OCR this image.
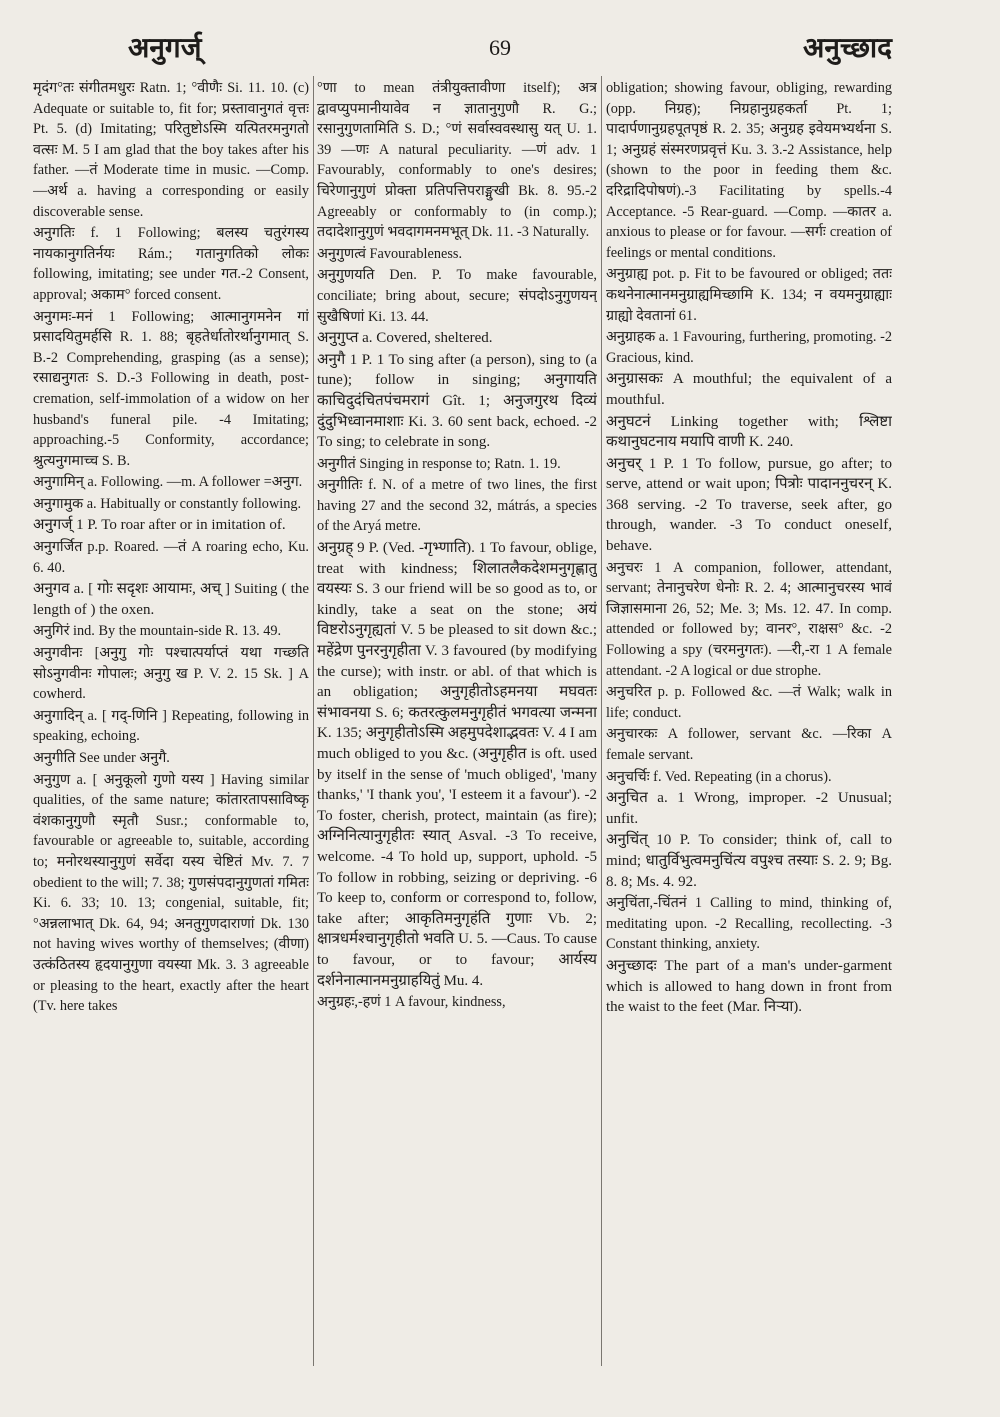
अनुगर्ज्	69	अनुच्छाद

मृदंग°तः संगीतमधुरः Ratn. 1; °वीणैः Si. 11. 10. (c) Adequate or suitable to, fit for; प्रस्तावानुगतं वृत्तः Pt. 5. (d) Imitating; परितुष्टोऽस्मि यत्पितरमनुगतो वत्सः M. 5 I am glad that the boy takes after his father. —तं Moderate time in music. —Comp. —अर्थ a. having a corresponding or easily discoverable sense.

अनुगतिः f. 1 Following; बलस्य चतुरंगस्य नायकानुगतिर्नयः Rám.; गतानुगतिको लोकः following, imitating; see under गत.-2 Consent, approval; अकाम° forced consent.

अनुगमः-मनं 1 Following; आत्मानुगमनेन गां प्रसादयितुमर्हसि R. 1. 88; बृहतेर्धातोरर्थानुगमात् S. B.-2 Comprehending, grasping (as a sense); रसाद्यनुगतः S. D.-3 Following in death, post-cremation, self-immolation of a widow on her husband's funeral pile. -4 Imitating; approaching.-5 Conformity, accordance; श्रुत्यनुगमाच्च S. B.

अनुगामिन् a. Following. —m. A follower =अनुग.

अनुगामुक a. Habitually or constantly following.

अनुगर्ज् 1 P. To roar after or in imitation of.

अनुगर्जित p.p. Roared. —तं A roaring echo, Ku. 6. 40.

अनुगव a. [ गोः सदृशः आयामः, अच् ] Suiting ( the length of ) the oxen.

अनुगिरं ind. By the mountain-side R. 13. 49.

अनुगवीनः [अनुगु गोः पश्चात्पर्याप्तं यथा गच्छति सोऽनुगवीनः गोपालः; अनुगु ख P. V. 2. 15 Sk. ] A cowherd.

अनुगादिन् a. [ गद्-णिनि ] Repeating, following in speaking, echoing.

अनुगीति See under अनुगै.

अनुगुण a. [ अनुकूलो गुणो यस्य ] Having similar qualities, of the same nature; कांतारतापसाविष्कृ वंशकानुगुणौ स्मृतौ Susr.; conformable to, favourable or agreeable to, suitable, according to; मनोरथस्यानुगुणं सर्वेदा यस्य चेष्टितं Mv. 7. 7 obedient to the will; 7. 38; गुणसंपदानुगुणतां गमितः Ki. 6. 33; 10. 13; congenial, suitable, fit; °अन्नलाभात् Dk. 64, 94; अनतुगुणदाराणां Dk. 130 not having wives worthy of themselves; (वीणा) उत्कंठितस्य हृदयानुगुणा वयस्या Mk. 3. 3 agreeable or pleasing to the heart, exactly after the heart (Tv. here takes

°णा to mean तंत्रीयुक्तावीणा itself); अत्र द्वावप्युपमानीयावेव न ज्ञातानुगुणौ R. G.; रसानुगुणतामिति S. D.; °णं सर्वास्ववस्थासु यत् U. 1. 39 —णः A natural peculiarity. —णं adv. 1 Favourably, conformably to one's desires; चिरेणानुगुणं प्रोक्ता प्रतिपत्तिपराङ्मुखी Bk. 8. 95.-2 Agreeably or conformably to (in comp.); तदादेशानुगुणं भवदागमनमभूत् Dk. 11. -3 Naturally.

अनुगुणत्वं Favourableness.

अनुगुणयति Den. P. To make favourable, conciliate; bring about, secure; संपदोऽनुगुणयन् सुखैषिणां Ki. 13. 44.

अनुगुप्त a. Covered, sheltered.

अनुगै 1 P. 1 To sing after (a person), sing to (a tune); follow in singing; अनुगायति काचिदुदंचितपंचमरागं Gît. 1; अनुजगुरथ दिव्यं दुंदुभिध्वानमाशाः Ki. 3. 60 sent back, echoed. -2 To sing; to celebrate in song.

अनुगीतं Singing in response to; Ratn. 1. 19.

अनुगीतिः f. N. of a metre of two lines, the first having 27 and the second 32, mátrás, a species of the Aryá metre.

अनुग्रह् 9 P. (Ved. -गृभ्णाति). 1 To favour, oblige, treat with kindness; शिलातलैकदेशमनुगृह्णातु वयस्यः S. 3 our friend will be so good as to, or kindly, take a seat on the stone; अयं विष्टरोऽनुगृह्यतां V. 5 be pleased to sit down &c.; महेंद्रेण पुनरनुगृहीता V. 3 favoured (by modifying the curse); with instr. or abl. of that which is an obligation; अनुगृहीतोऽहमनया मघवतः संभावनया S. 6; कतरत्कुलमनुगृहीतं भगवत्या जन्मना K. 135; अनुगृहीतोऽस्मि अहमुपदेशाद्भवतः V. 4 I am much obliged to you &c. (अनुगृहीत is oft. used by itself in the sense of 'much obliged', 'many thanks,' 'I thank you', 'I esteem it a favour'). -2 To foster, cherish, protect, maintain (as fire); अग्निनित्यानुगृहीतः स्यात् Asval. -3 To receive, welcome. -4 To hold up, support, uphold. -5 To follow in robbing, seizing or depriving. -6 To keep to, conform or correspond to, follow, take after; आकृतिमनुगृहंति गुणाः Vb. 2; क्षात्रधर्मश्चानुगृहीतो भवति U. 5. —Caus. To cause to favour, or to favour; आर्यस्य दर्शनेनात्मानमनुग्राहयितुं Mu. 4.

अनुग्रहः,-हणं 1 A favour, kindness,

obligation; showing favour, obliging, rewarding (opp. निग्रह); निग्रहानुग्रहकर्ता Pt. 1; पादार्पणानुग्रहपूतपृष्ठं R. 2. 35; अनुग्रह इवेयमभ्यर्थना S. 1; अनुग्रहं संस्मरणप्रवृत्तं Ku. 3. 3.-2 Assistance, help (shown to the poor in feeding them &c. दरिद्रादिपोषणं).-3 Facilitating by spells.-4 Acceptance. -5 Rear-guard. —Comp. —कातर a. anxious to please or for favour. —सर्गः creation of feelings or mental conditions.

अनुग्राह्य pot. p. Fit to be favoured or obliged; ततः कथनेनात्मानमनुग्राह्यमिच्छामि K. 134; न वयमनुग्राह्याः ग्राह्यो देवतानां 61.

अनुग्राहक a. 1 Favouring, furthering, promoting. -2 Gracious, kind.

अनुग्रासकः A mouthful; the equivalent of a mouthful.

अनुघटनं Linking together with; श्लिष्टा कथानुघटनाय मयापि वाणी K. 240.

अनुचर् 1 P. 1 To follow, pursue, go after; to serve, attend or wait upon; पित्रोः पादाननुचरन् K. 368 serving. -2 To traverse, seek after, go through, wander. -3 To conduct oneself, behave.

अनुचरः 1 A companion, follower, attendant, servant; तेनानुचरेण धेनोः R. 2. 4; आत्मानुचरस्य भावं जिज्ञासमाना 26, 52; Me. 3; Ms. 12. 47. In comp. attended or followed by; वानर°, राक्षस° &c. -2 Following a spy (चरमनुगतः). —री,-रा 1 A female attendant. -2 A logical or due strophe.

अनुचरित p. p. Followed &c. —तं Walk; walk in life; conduct.

अनुचारकः A follower, servant &c. —रिका A female servant.

अनुचर्चिः f. Ved. Repeating (in a chorus).

अनुचित a. 1 Wrong, improper. -2 Unusual; unfit.

अनुचिंत् 10 P. To consider; think of, call to mind; धातुर्विभुत्वमनुचिंत्य वपुश्च तस्याः S. 2. 9; Bg. 8. 8; Ms. 4. 92.

अनुचिंता,-चिंतनं 1 Calling to mind, thinking of, meditating upon. -2 Recalling, recollecting. -3 Constant thinking, anxiety.

अनुच्छादः The part of a man's under-garment which is allowed to hang down in front from the waist to the feet (Mar. निऱ्या).
